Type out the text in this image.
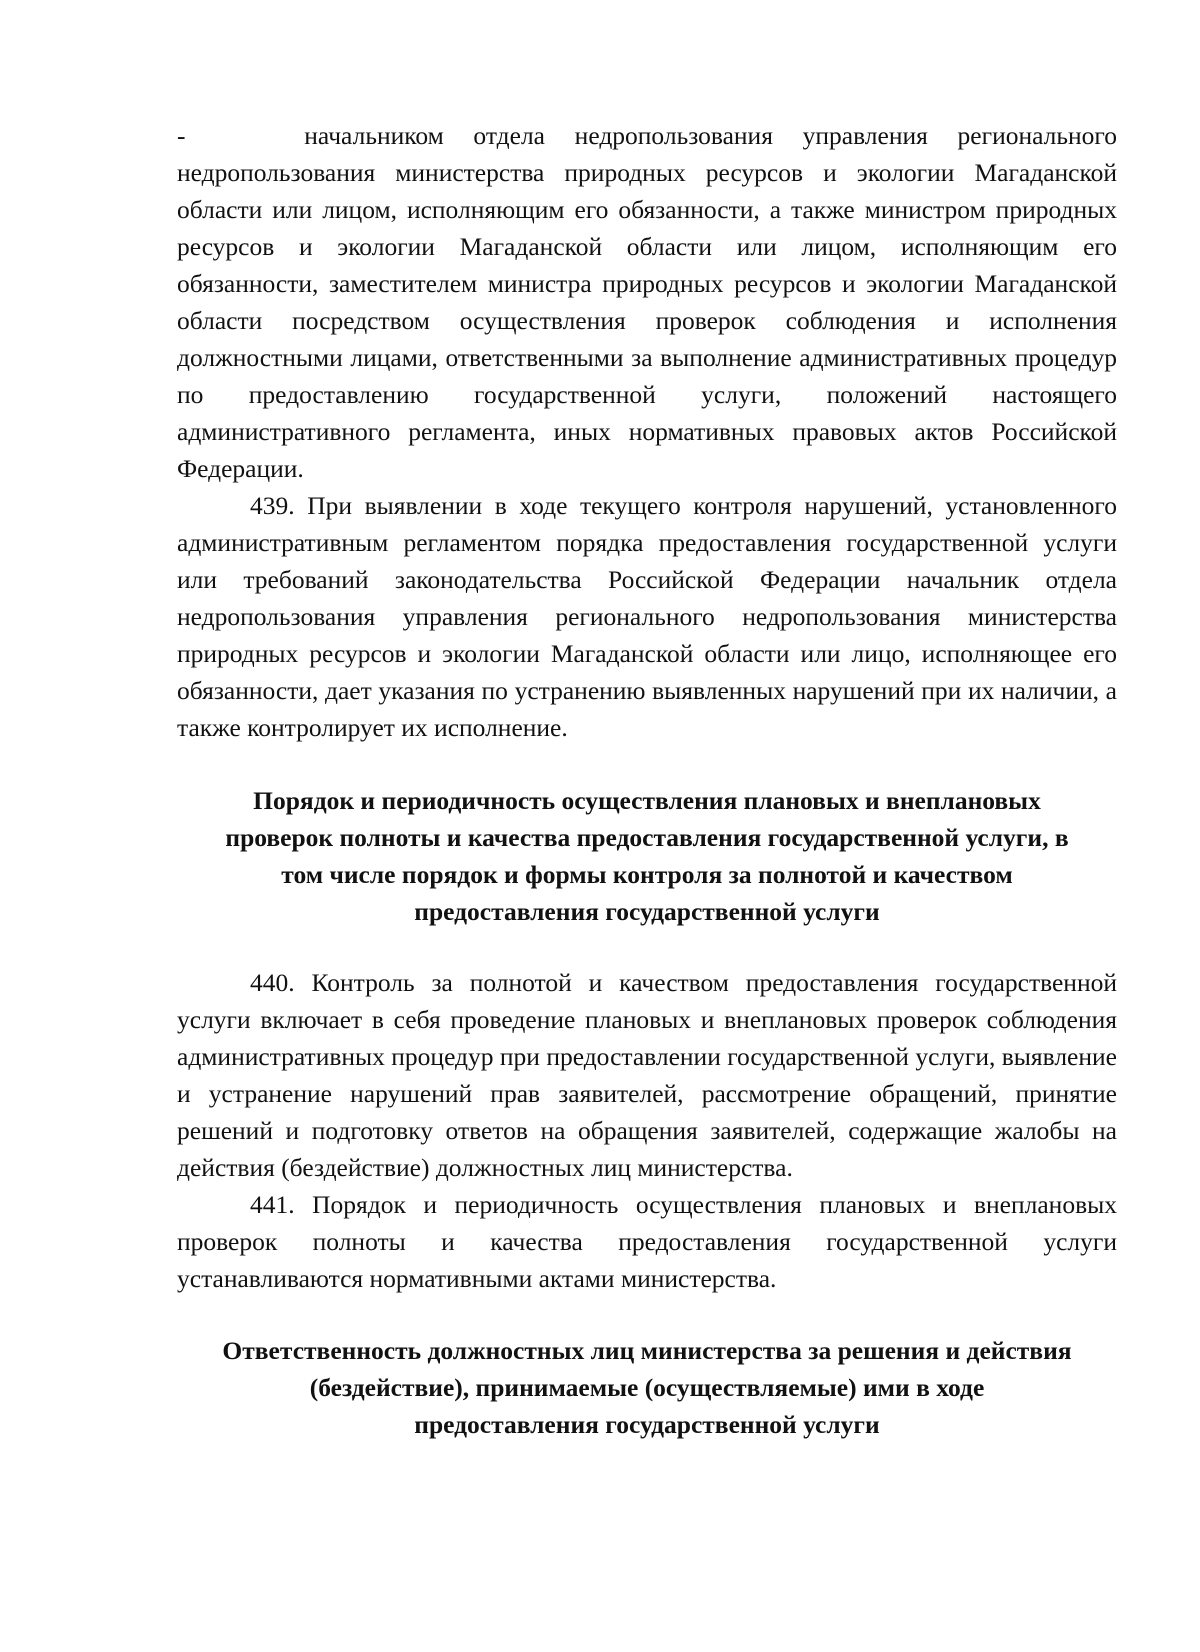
-    начальником отдела недропользования управления регионального недропользования министерства природных ресурсов и экологии Магаданской области или лицом, исполняющим его обязанности, а также министром природных ресурсов и экологии Магаданской области или лицом, исполняющим его обязанности, заместителем министра природных ресурсов и экологии Магаданской области посредством осуществления проверок соблюдения и исполнения должностными лицами, ответственными за выполнение административных процедур по предоставлению государственной услуги, положений настоящего административного регламента, иных нормативных правовых актов Российской Федерации.

439. При выявлении в ходе текущего контроля нарушений, установленного административным регламентом порядка предоставления государственной услуги или требований законодательства Российской Федерации начальник отдела недропользования управления регионального недропользования министерства природных ресурсов и экологии Магаданской области или лицо, исполняющее его обязанности, дает указания по устранению выявленных нарушений при их наличии, а также контролирует их исполнение.

Порядок и периодичность осуществления плановых и внеплановых
проверок полноты и качества предоставления государственной услуги, в
том числе порядок и формы контроля за полнотой и качеством
предоставления государственной услуги

440. Контроль за полнотой и качеством предоставления государственной услуги включает в себя проведение плановых и внеплановых проверок соблюдения административных процедур при предоставлении государственной услуги, выявление и устранение нарушений прав заявителей, рассмотрение обращений, принятие решений и подготовку ответов на обращения заявителей, содержащие жалобы на действия (бездействие) должностных лиц министерства.

441. Порядок и периодичность осуществления плановых и внеплановых проверок полноты и качества предоставления государственной услуги устанавливаются нормативными актами министерства.

Ответственность должностных лиц министерства за решения и действия
(бездействие), принимаемые (осуществляемые) ими в ходе
предоставления государственной услуги
